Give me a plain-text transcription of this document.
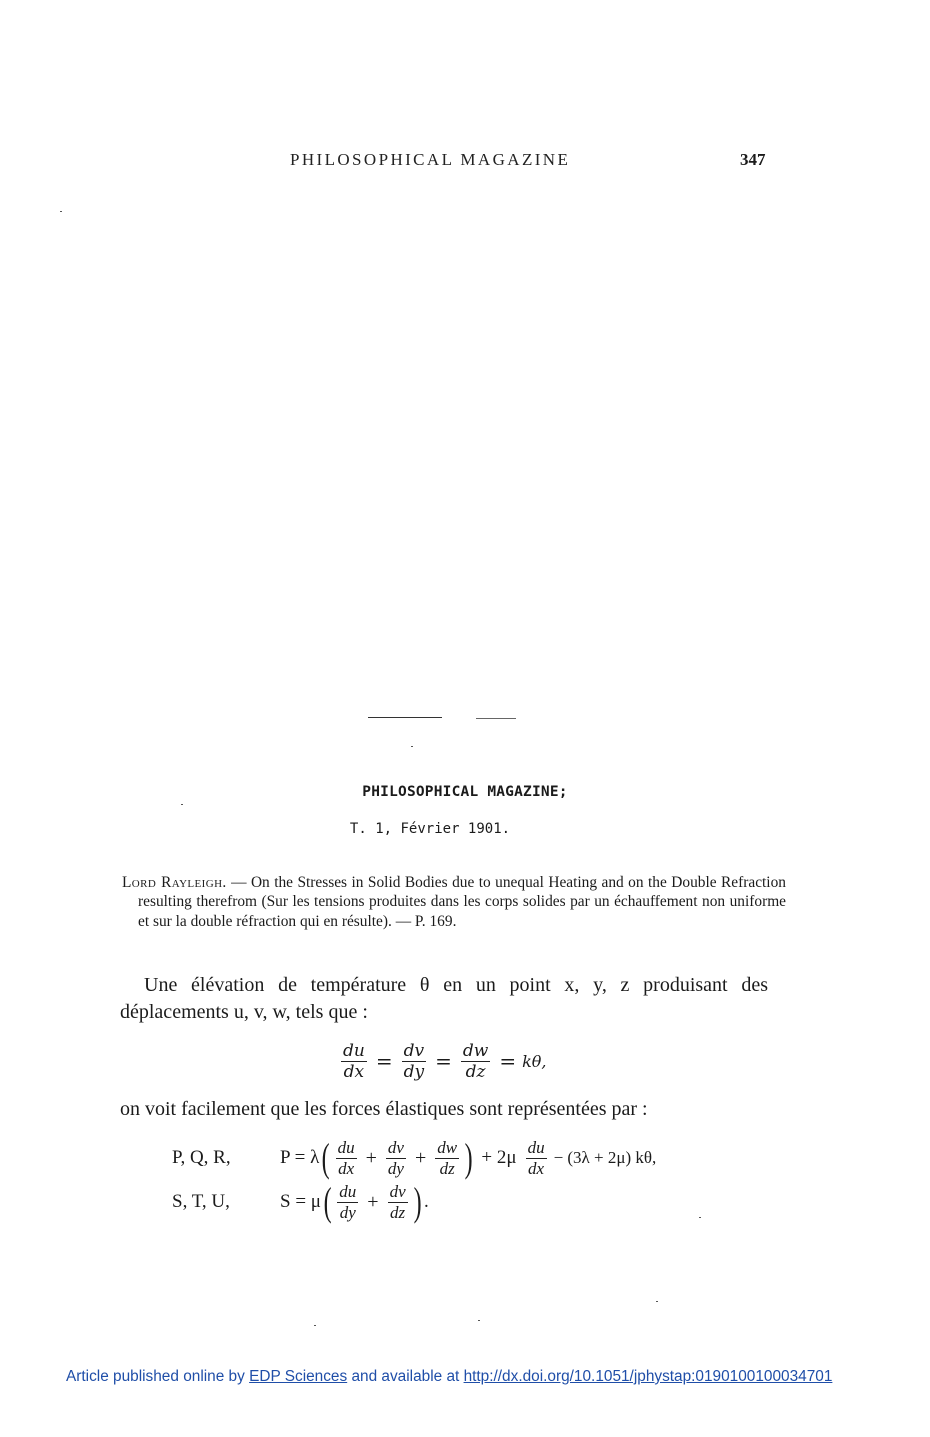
PHILOSOPHICAL MAGAZINE	347
PHILOSOPHICAL MAGAZINE;
T. 1, Février 1901.
Lord Rayleigh. — On the Stresses in Solid Bodies due to unequal Heating and on the Double Refraction resulting therefrom (Sur les tensions produites dans les corps solides par un échauffement non uniforme et sur la double réfraction qui en résulte). — P. 169.
Une élévation de température θ en un point x, y, z produisant des déplacements u, v, w, tels que :
$\frac{du}{dx} = \frac{dv}{dy} = \frac{dw}{dz} = k\theta$,
on voit facilement que les forces élastiques sont représentées par :
P, Q, R,	P = λ ( $\frac{du}{dx} + \frac{dv}{dy} + \frac{dw}{dz}$ ) + $2\mu \frac{du}{dx} - (3\lambda + 2\mu)$ kθ,
S, T, U,	S = μ ( $\frac{du}{dy} + \frac{dv}{dz}$ ) .
Article published online by EDP Sciences and available at http://dx.doi.org/10.1051/jphystap:0190100100034701
